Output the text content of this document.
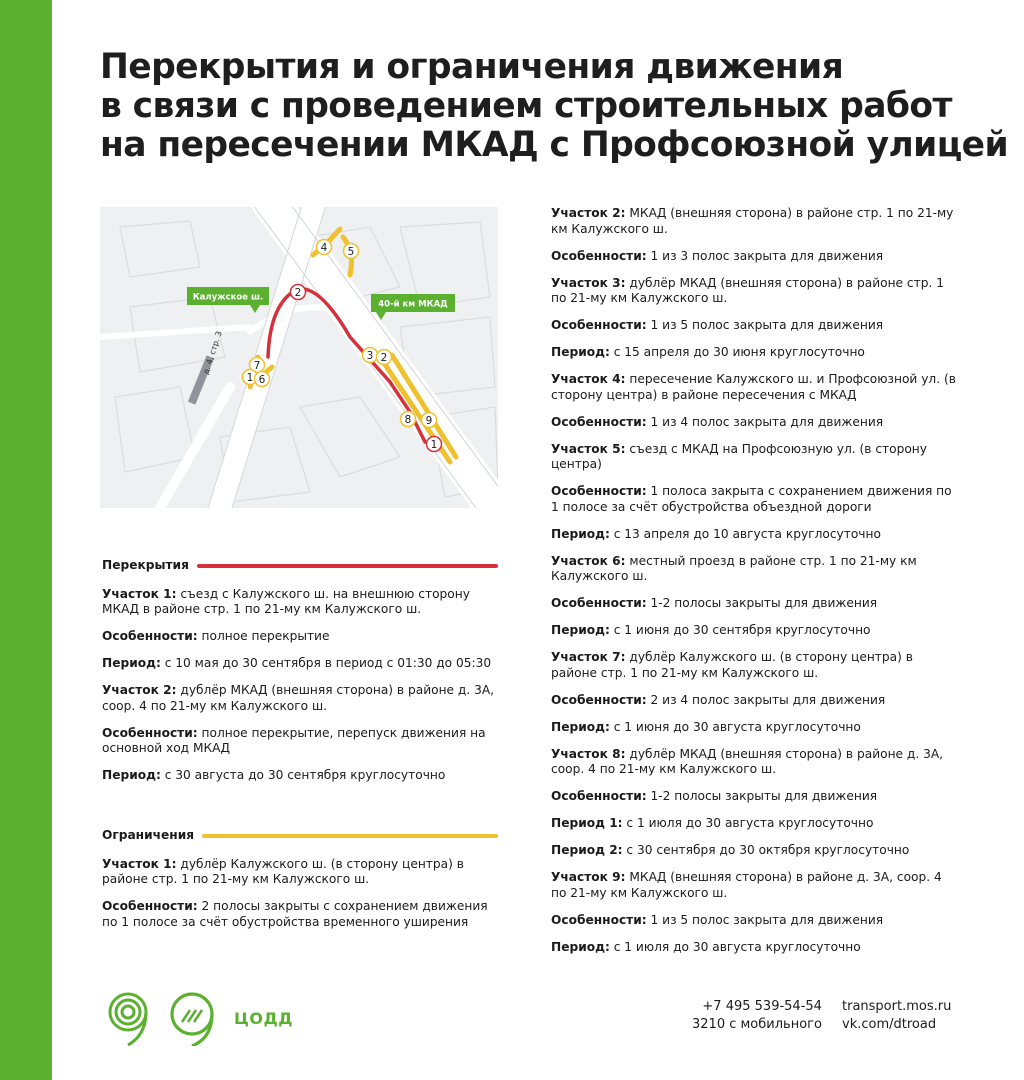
Перекрытия и ограничения движения
в связи с проведением строительных работ
на пересечении МКАД с Профсоюзной улицей
д. 4, стр. 3
Калужское ш.
40-й км МКАД
4 5
2
3 2
7
1 6
8 9
1
Перекрытия

Участок 1: съезд с Калужского ш. на внешнюю сторону МКАД в районе стр. 1 по 21-му км Калужского ш.

Особенности: полное перекрытие

Период: с 10 мая до 30 сентября в период с 01:30 до 05:30

Участок 2: дублёр МКАД (внешняя сторона) в районе д. 3А, соор. 4 по 21-му км Калужского ш.

Особенности: полное перекрытие, перепуск движения на основной ход МКАД

Период: с 30 августа до 30 сентября круглосуточно

Ограничения

Участок 1: дублёр Калужского ш. (в сторону центра) в районе стр. 1 по 21-му км Калужского ш.

Особенности: 2 полосы закрыты с сохранением движения по 1 полосе за счёт обустройства временного уширения

Участок 2: МКАД (внешняя сторона) в районе стр. 1 по 21-му км Калужского ш.

Особенности: 1 из 3 полос закрыта для движения

Участок 3: дублёр МКАД (внешняя сторона) в районе стр. 1 по 21-му км Калужского ш.

Особенности: 1 из 5 полос закрыта для движения

Период: с 15 апреля до 30 июня круглосуточно

Участок 4: пересечение Калужского ш. и Профсоюзной ул. (в сторону центра) в районе пересечения с МКАД

Особенности: 1 из 4 полос закрыта для движения

Участок 5: съезд с МКАД на Профсоюзную ул. (в сторону центра)

Особенности: 1 полоса закрыта с сохранением движения по 1 полосе за счёт обустройства объездной дороги

Период: с 13 апреля до 10 августа круглосуточно

Участок 6: местный проезд в районе стр. 1 по 21-му км Калужского ш.

Особенности: 1-2 полосы закрыты для движения

Период: с 1 июня до 30 сентября круглосуточно

Участок 7: дублёр Калужского ш. (в сторону центра) в районе стр. 1 по 21-му км Калужского ш.

Особенности: 2 из 4 полос закрыты для движения

Период: с 1 июня до 30 августа круглосуточно

Участок 8: дублёр МКАД (внешняя сторона) в районе д. 3А, соор. 4 по 21-му км Калужского ш.

Особенности: 1-2 полосы закрыты для движения

Период 1: с 1 июля до 30 августа круглосуточно

Период 2: с 30 сентября до 30 октября круглосуточно

Участок 9: МКАД (внешняя сторона) в районе д. 3А, соор. 4 по 21-му км Калужского ш.

Особенности: 1 из 5 полос закрыта для движения

Период: с 1 июля до 30 августа круглосуточно

ЦОДД
+7 495 539-54-54
3210 с мобильного
transport.mos.ru
vk.com/dtroad
